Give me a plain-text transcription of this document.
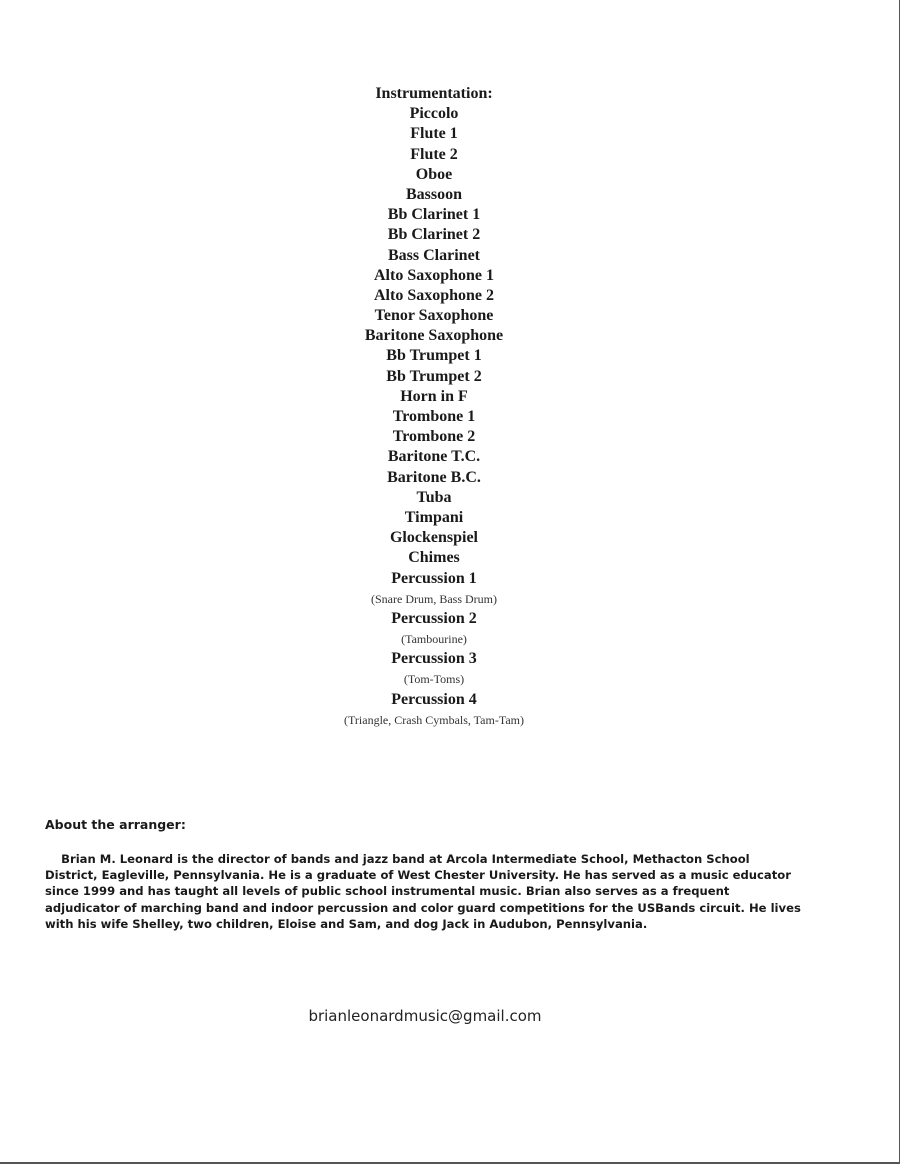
Instrumentation:
Piccolo
Flute 1
Flute 2
Oboe
Bassoon
Bb Clarinet 1
Bb Clarinet 2
Bass Clarinet
Alto Saxophone 1
Alto Saxophone 2
Tenor Saxophone
Baritone Saxophone
Bb Trumpet 1
Bb Trumpet 2
Horn in F
Trombone 1
Trombone 2
Baritone T.C.
Baritone B.C.
Tuba
Timpani
Glockenspiel
Chimes
Percussion 1
(Snare Drum, Bass Drum)
Percussion 2
(Tambourine)
Percussion 3
(Tom-Toms)
Percussion 4
(Triangle, Crash Cymbals, Tam-Tam)
About the arranger:
Brian M. Leonard is the director of bands and jazz band at Arcola Intermediate School, Methacton School District, Eagleville, Pennsylvania. He is a graduate of West Chester University. He has served as a music educator since 1999 and has taught all levels of public school instrumental music. Brian also serves as a frequent adjudicator of marching band and indoor percussion and color guard competitions for the USBands circuit. He lives with his wife Shelley, two children, Eloise and Sam, and dog Jack in Audubon, Pennsylvania.
brianleonardmusic@gmail.com
